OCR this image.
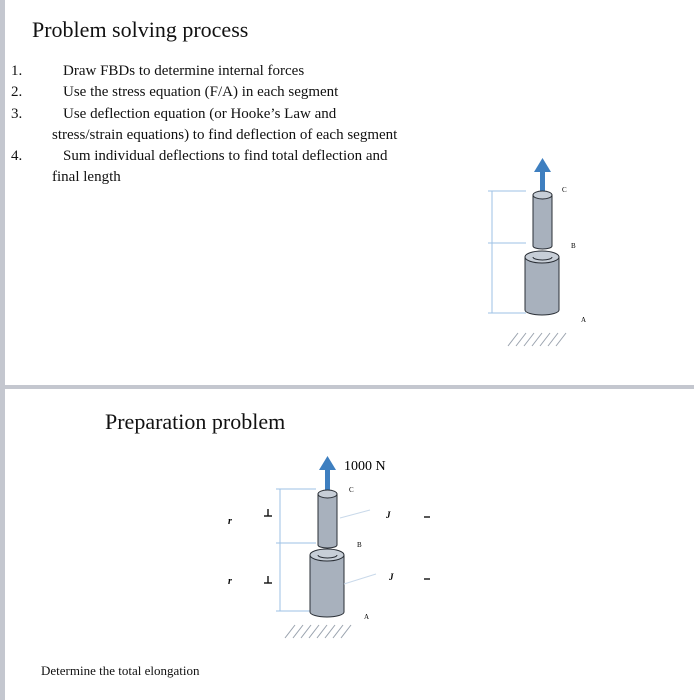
Problem solving process
1.	Draw FBDs to determine internal forces
2.	Use the stress equation (F/A) in each segment
3.	Use deflection equation (or Hooke’s Law and
stress/strain equations) to find deflection of each segment
4.	Sum individual deflections to find total deflection and
final length
C
B
A
Preparation problem
r
r
J
J
1000 N
C
B
A
Determine the total elongation
